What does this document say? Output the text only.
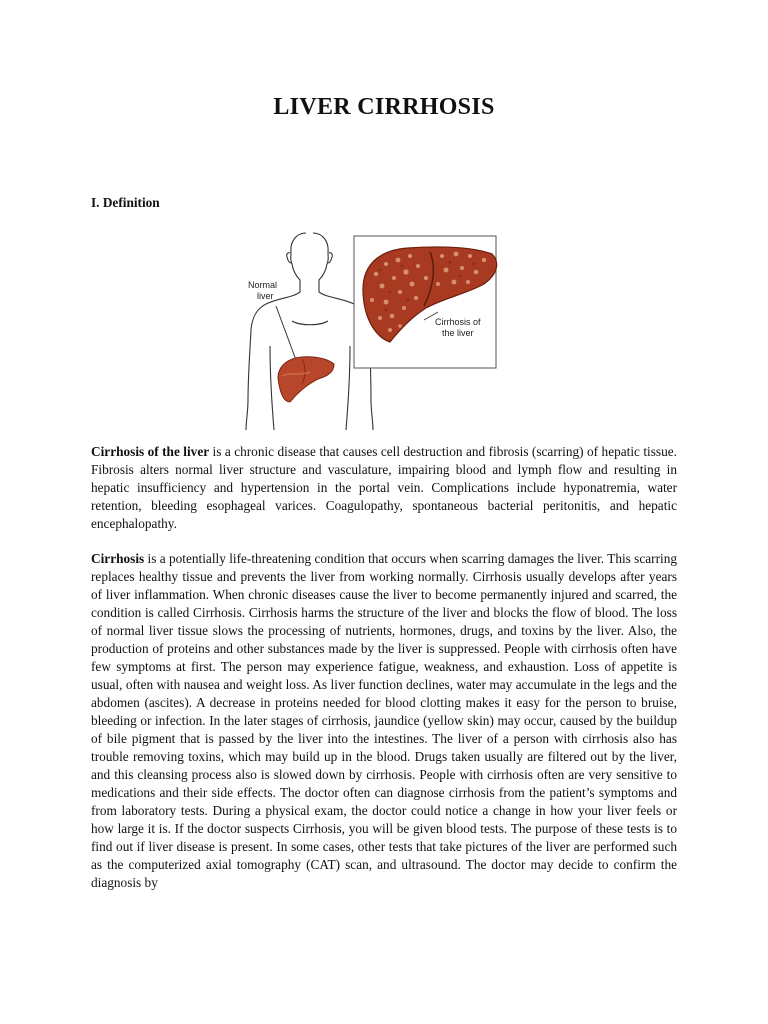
LIVER CIRRHOSIS
I. Definition
Normal
liver
Cirrhosis of
the liver

Cirrhosis of the liver is a chronic disease that causes cell destruction and fibrosis (scarring) of hepatic tissue. Fibrosis alters normal liver structure and vasculature, impairing blood and lymph flow and resulting in hepatic insufficiency and hypertension in the portal vein. Complications include hyponatremia, water retention, bleeding esophageal varices. Coagulopathy, spontaneous bacterial peritonitis, and hepatic encephalopathy.

Cirrhosis is a potentially life-threatening condition that occurs when scarring damages the liver. This scarring replaces healthy tissue and prevents the liver from working normally. Cirrhosis usually develops after years of liver inflammation. When chronic diseases cause the liver to become permanently injured and scarred, the condition is called Cirrhosis. Cirrhosis harms the structure of the liver and blocks the flow of blood. The loss of normal liver tissue slows the processing of nutrients, hormones, drugs, and toxins by the liver. Also, the production of proteins and other substances made by the liver is suppressed. People with cirrhosis often have few symptoms at first. The person may experience fatigue, weakness, and exhaustion. Loss of appetite is usual, often with nausea and weight loss. As liver function declines, water may accumulate in the legs and the abdomen (ascites). A decrease in proteins needed for blood clotting makes it easy for the person to bruise, bleeding or infection. In the later stages of cirrhosis, jaundice (yellow skin) may occur, caused by the buildup of bile pigment that is passed by the liver into the intestines. The liver of a person with cirrhosis also has trouble removing toxins, which may build up in the blood. Drugs taken usually are filtered out by the liver, and this cleansing process also is slowed down by cirrhosis. People with cirrhosis often are very sensitive to medications and their side effects. The doctor often can diagnose cirrhosis from the patient’s symptoms and from laboratory tests. During a physical exam, the doctor could notice a change in how your liver feels or how large it is. If the doctor suspects Cirrhosis, you will be given blood tests. The purpose of these tests is to find out if liver disease is present. In some cases, other tests that take pictures of the liver are performed such as the computerized axial tomography (CAT) scan, and ultrasound. The doctor may decide to confirm the diagnosis by
